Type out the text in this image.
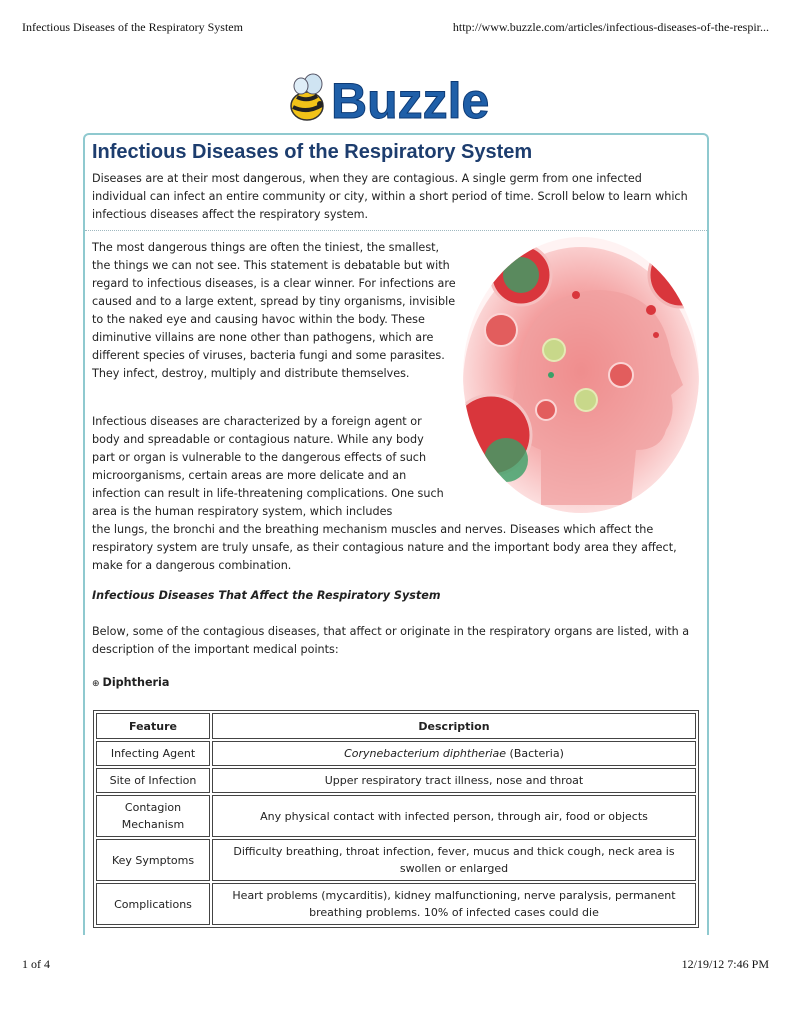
Infectious Diseases of the Respiratory System	http://www.buzzle.com/articles/infectious-diseases-of-the-respir...
Buzzle
Infectious Diseases of the Respiratory System
Diseases are at their most dangerous, when they are contagious. A single germ from one infected individual can infect an entire community or city, within a short period of time. Scroll below to learn which infectious diseases affect the respiratory system.
The most dangerous things are often the tiniest, the smallest, the things we can not see. This statement is debatable but with regard to infectious diseases, is a clear winner. For infections are caused and to a large extent, spread by tiny organisms, invisible to the naked eye and causing havoc within the body. These diminutive villains are none other than pathogens, which are different species of viruses, bacteria fungi and some parasites. They infect, destroy, multiply and distribute themselves.
Infectious diseases are characterized by a foreign agent or body and spreadable or contagious nature. While any body part or organ is vulnerable to the dangerous effects of such microorganisms, certain areas are more delicate and an infection can result in life-threatening complications. One such area is the human respiratory system, which includes
the lungs, the bronchi and the breathing mechanism muscles and nerves. Diseases which affect the respiratory system are truly unsafe, as their contagious nature and the important body area they affect, make for a dangerous combination.
Infectious Diseases That Affect the Respiratory System
Below, some of the contagious diseases, that affect or originate in the respiratory organs are listed, with a description of the important medical points:
⊕ Diphtheria
Feature	Description
Infecting Agent	Corynebacterium diphtheriae (Bacteria)
Site of Infection	Upper respiratory tract illness, nose and throat
Contagion Mechanism	Any physical contact with infected person, through air, food or objects
Key Symptoms	Difficulty breathing, throat infection, fever, mucus and thick cough, neck area is swollen or enlarged
Complications	Heart problems (mycarditis), kidney malfunctioning, nerve paralysis, permanent breathing problems. 10% of infected cases could die
1 of 4	12/19/12 7:46 PM
